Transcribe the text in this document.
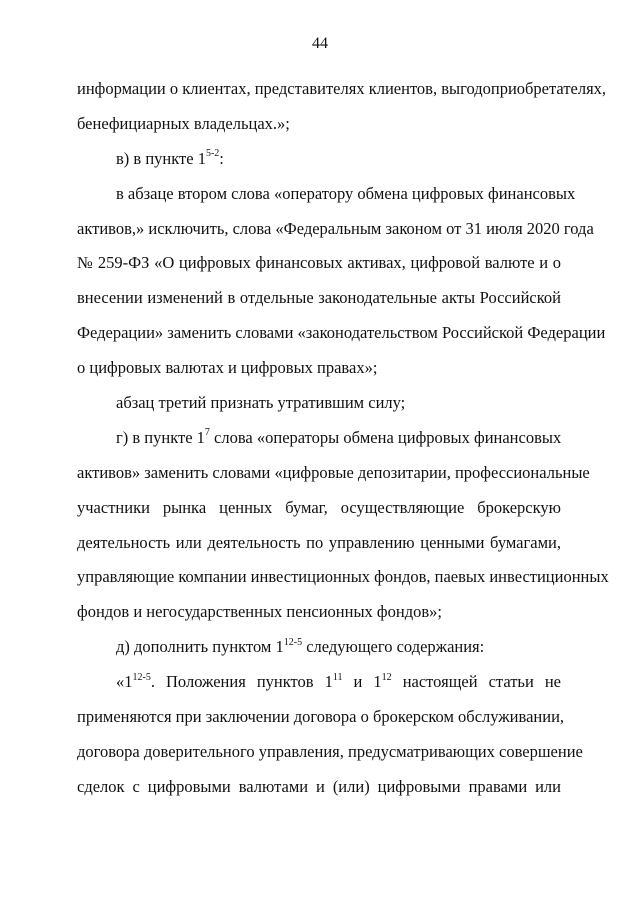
44
информации о клиентах, представителях клиентов, выгодоприобретателях,
бенефициарных владельцах.»;
в) в пункте 1$^{5-2}$:
в абзаце втором слова «оператору обмена цифровых финансовых
активов,» исключить, слова «Федеральным законом от 31 июля 2020 года
№ 259-ФЗ «О цифровых финансовых активах, цифровой валюте и о
внесении изменений в отдельные законодательные акты Российской
Федерации» заменить словами «законодательством Российской Федерации
о цифровых валютах и цифровых правах»;
абзац третий признать утратившим силу;
г) в пункте $1^7$ слова «операторы обмена цифровых финансовых
активов» заменить словами «цифровые депозитарии, профессиональные
участники рынка ценных бумаг, осуществляющие брокерскую
деятельность или деятельность по управлению ценными бумагами,
управляющие компании инвестиционных фондов, паевых инвестиционных
фондов и негосударственных пенсионных фондов»;
д) дополнить пунктом 1$^{12-5}$ следующего содержания:
«1$^{12-5}$. Положения пунктов $1^{11}$ и $1^{12}$ настоящей статьи не
применяются при заключении договора о брокерском обслуживании,
договора доверительного управления, предусматривающих совершение
сделок с цифровыми валютами и (или) цифровыми правами или
